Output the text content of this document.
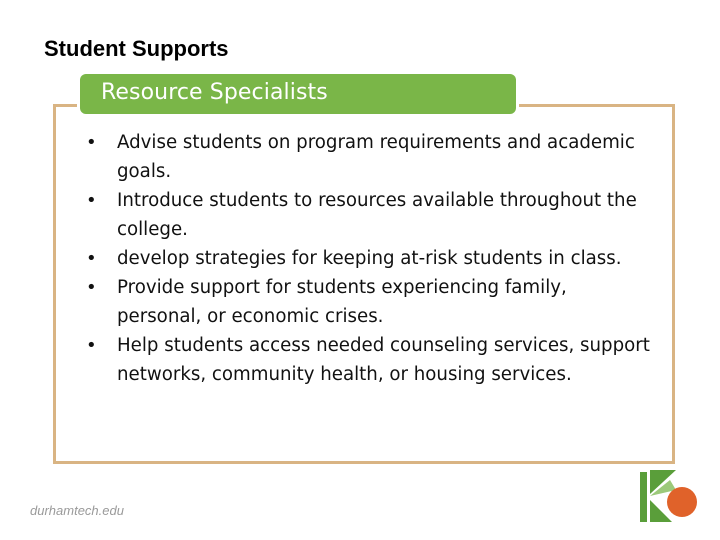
Student Supports
Resource Specialists
• Advise students on program requirements and academic goals.
• Introduce students to resources available throughout the college.
• develop strategies for keeping at-risk students in class.
• Provide support for students experiencing family, personal, or economic crises.
• Help students access needed counseling services, support networks, community health, or housing services.
durhamtech.edu
